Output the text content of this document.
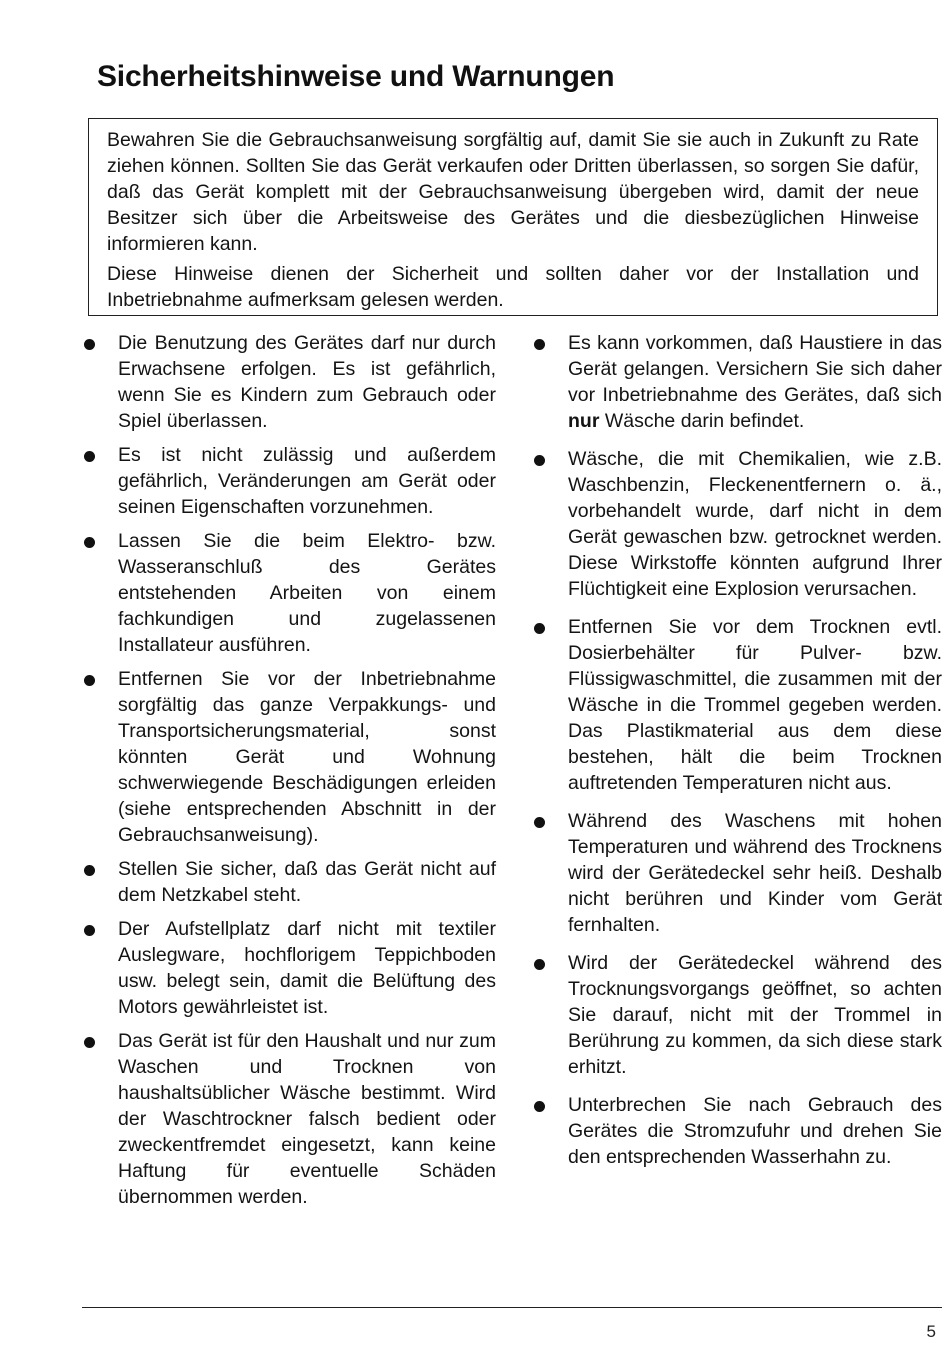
Sicherheitshinweise und Warnungen

Bewahren Sie die Gebrauchsanweisung sorgfältig auf, damit Sie sie auch in Zukunft zu Rate ziehen können. Sollten Sie das Gerät verkaufen oder Dritten überlassen, so sorgen Sie dafür, daß das Gerät komplett mit der Gebrauchsanweisung übergeben wird, damit der neue Besitzer sich über die Arbeitsweise des Gerätes und die diesbezüglichen Hinweise informieren kann.

Diese Hinweise dienen der Sicherheit und sollten daher vor der Installation und Inbetriebnahme aufmerksam gelesen werden.

Die Benutzung des Gerätes darf nur durch Erwachsene erfolgen. Es ist gefährlich, wenn Sie es Kindern zum Gebrauch oder Spiel überlassen.
Es ist nicht zulässig und außerdem gefährlich, Veränderungen am Gerät oder seinen Eigenschaften vorzunehmen.
Lassen Sie die beim Elektro- bzw. Wasseranschluß des Gerätes entstehenden Arbeiten von einem fachkundigen und zugelassenen Installateur ausführen.
Entfernen Sie vor der Inbetriebnahme sorgfältig das ganze Verpakkungs- und Transportsicherungsmaterial, sonst könnten Gerät und Wohnung schwerwiegende Beschädigungen erleiden (siehe entsprechenden Abschnitt in der Gebrauchsanweisung).
Stellen Sie sicher, daß das Gerät nicht auf dem Netzkabel steht.
Der Aufstellplatz darf nicht mit textiler Auslegware, hochflorigem Teppichboden usw. belegt sein, damit die Belüftung des Motors gewährleistet ist.
Das Gerät ist für den Haushalt und nur zum Waschen und Trocknen von haushaltsüblicher Wäsche bestimmt. Wird der Waschtrockner falsch bedient oder zweckentfremdet eingesetzt, kann keine Haftung für eventuelle Schäden übernommen werden.
Es kann vorkommen, daß Haustiere in das Gerät gelangen. Versichern Sie sich daher vor Inbetriebnahme des Gerätes, daß sich nur Wäsche darin befindet.
Wäsche, die mit Chemikalien, wie z.B. Waschbenzin, Fleckenentfernern o. ä., vorbehandelt wurde, darf nicht in dem Gerät gewaschen bzw. getrocknet werden. Diese Wirkstoffe könnten aufgrund Ihrer Flüchtigkeit eine Explosion verursachen.
Entfernen Sie vor dem Trocknen evtl. Dosierbehälter für Pulver- bzw. Flüssigwaschmittel, die zusammen mit der Wäsche in die Trommel gegeben werden. Das Plastikmaterial aus dem diese bestehen, hält die beim Trocknen auftretenden Temperaturen nicht aus.
Während des Waschens mit hohen Temperaturen und während des Trocknens wird der Gerätedeckel sehr heiß. Deshalb nicht berühren und Kinder vom Gerät fernhalten.
Wird der Gerätedeckel während des Trocknungsvorgangs geöffnet, so achten Sie darauf, nicht mit der Trommel in Berührung zu kommen, da sich diese stark erhitzt.
Unterbrechen Sie nach Gebrauch des Gerätes die Stromzufuhr und drehen Sie den entsprechenden Wasserhahn zu.
5
